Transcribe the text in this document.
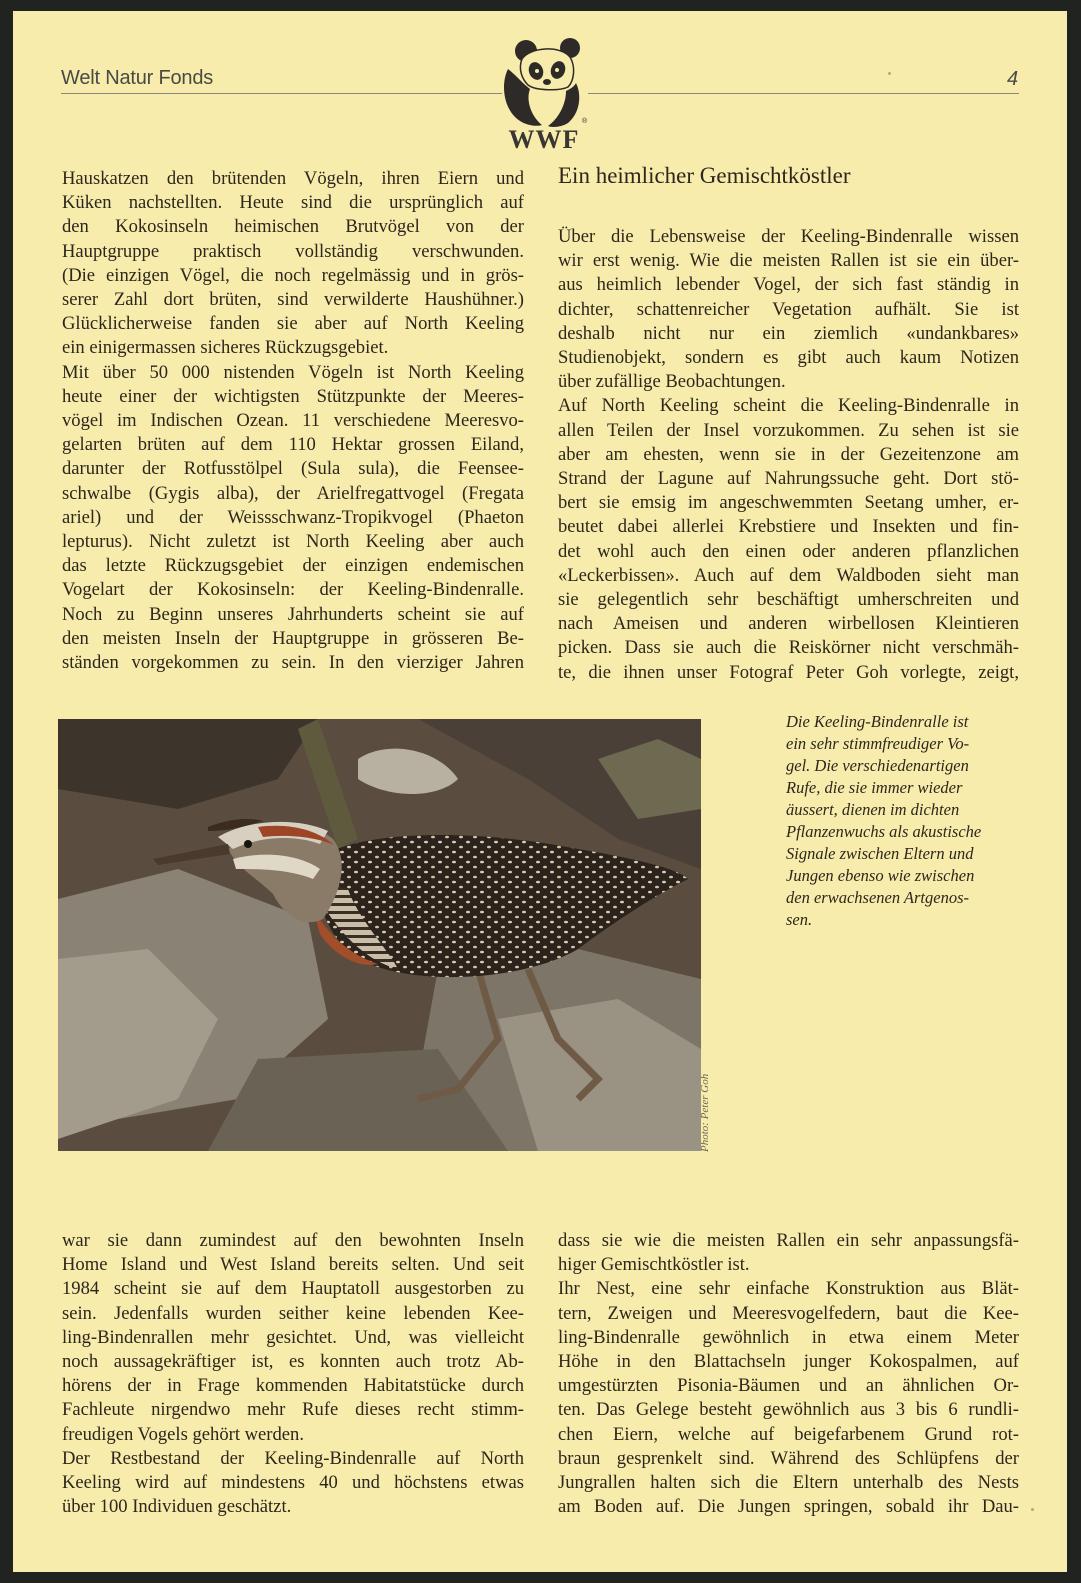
Welt Natur Fonds	4
®
WWF

Hauskatzen den brütenden Vögeln, ihren Eiern und

Küken nachstellten. Heute sind die ursprünglich auf

den Kokosinseln heimischen Brutvögel von der

Hauptgruppe praktisch vollständig verschwunden.

(Die einzigen Vögel, die noch regelmässig und in grös-

serer Zahl dort brüten, sind verwilderte Haushühner.)

Glücklicherweise fanden sie aber auf North Keeling

ein einigermassen sicheres Rückzugsgebiet.

Mit über 50 000 nistenden Vögeln ist North Keeling

heute einer der wichtigsten Stützpunkte der Meeres-

vögel im Indischen Ozean. 11 verschiedene Meeresvo-

gelarten brüten auf dem 110 Hektar grossen Eiland,

darunter der Rotfusstölpel (Sula sula), die Feensee-

schwalbe (Gygis alba), der Arielfregattvogel (Fregata

ariel) und der Weissschwanz-Tropikvogel (Phaeton

lepturus). Nicht zuletzt ist North Keeling aber auch

das letzte Rückzugsgebiet der einzigen endemischen

Vogelart der Kokosinseln: der Keeling-Bindenralle.

Noch zu Beginn unseres Jahrhunderts scheint sie auf

den meisten Inseln der Hauptgruppe in grösseren Be-

ständen vorgekommen zu sein. In den vierziger Jahren

Ein heimlicher Gemischtköstler

Über die Lebensweise der Keeling-Bindenralle wissen

wir erst wenig. Wie die meisten Rallen ist sie ein über-

aus heimlich lebender Vogel, der sich fast ständig in

dichter, schattenreicher Vegetation aufhält. Sie ist

deshalb nicht nur ein ziemlich «undankbares»

Studienobjekt, sondern es gibt auch kaum Notizen

über zufällige Beobachtungen.

Auf North Keeling scheint die Keeling-Bindenralle in

allen Teilen der Insel vorzukommen. Zu sehen ist sie

aber am ehesten, wenn sie in der Gezeitenzone am

Strand der Lagune auf Nahrungssuche geht. Dort stö-

bert sie emsig im angeschwemmten Seetang umher, er-

beutet dabei allerlei Krebstiere und Insekten und fin-

det wohl auch den einen oder anderen pflanzlichen

«Leckerbissen». Auch auf dem Waldboden sieht man

sie gelegentlich sehr beschäftigt umherschreiten und

nach Ameisen und anderen wirbellosen Kleintieren

picken. Dass sie auch die Reiskörner nicht verschmäh-

te, die ihnen unser Fotograf Peter Goh vorlegte, zeigt,

Photo: Peter Goh

Die Keeling-Bindenralle ist

ein sehr stimmfreudiger Vo-

gel. Die verschiedenartigen

Rufe, die sie immer wieder

äussert, dienen im dichten

Pflanzenwuchs als akustische

Signale zwischen Eltern und

Jungen ebenso wie zwischen

den erwachsenen Artgenos-

sen.

war sie dann zumindest auf den bewohnten Inseln

Home Island und West Island bereits selten. Und seit

1984 scheint sie auf dem Hauptatoll ausgestorben zu

sein. Jedenfalls wurden seither keine lebenden Kee-

ling-Bindenrallen mehr gesichtet. Und, was vielleicht

noch aussagekräftiger ist, es konnten auch trotz Ab-

hörens der in Frage kommenden Habitatstücke durch

Fachleute nirgendwo mehr Rufe dieses recht stimm-

freudigen Vogels gehört werden.

Der Restbestand der Keeling-Bindenralle auf North

Keeling wird auf mindestens 40 und höchstens etwas

über 100 Individuen geschätzt.

dass sie wie die meisten Rallen ein sehr anpassungsfä-

higer Gemischtköstler ist.

Ihr Nest, eine sehr einfache Konstruktion aus Blät-

tern, Zweigen und Meeresvogelfedern, baut die Kee-

ling-Bindenralle gewöhnlich in etwa einem Meter

Höhe in den Blattachseln junger Kokospalmen, auf

umgestürzten Pisonia-Bäumen und an ähnlichen Or-

ten. Das Gelege besteht gewöhnlich aus 3 bis 6 rundli-

chen Eiern, welche auf beigefarbenem Grund rot-

braun gesprenkelt sind. Während des Schlüpfens der

Jungrallen halten sich die Eltern unterhalb des Nests

am Boden auf. Die Jungen springen, sobald ihr Dau-
